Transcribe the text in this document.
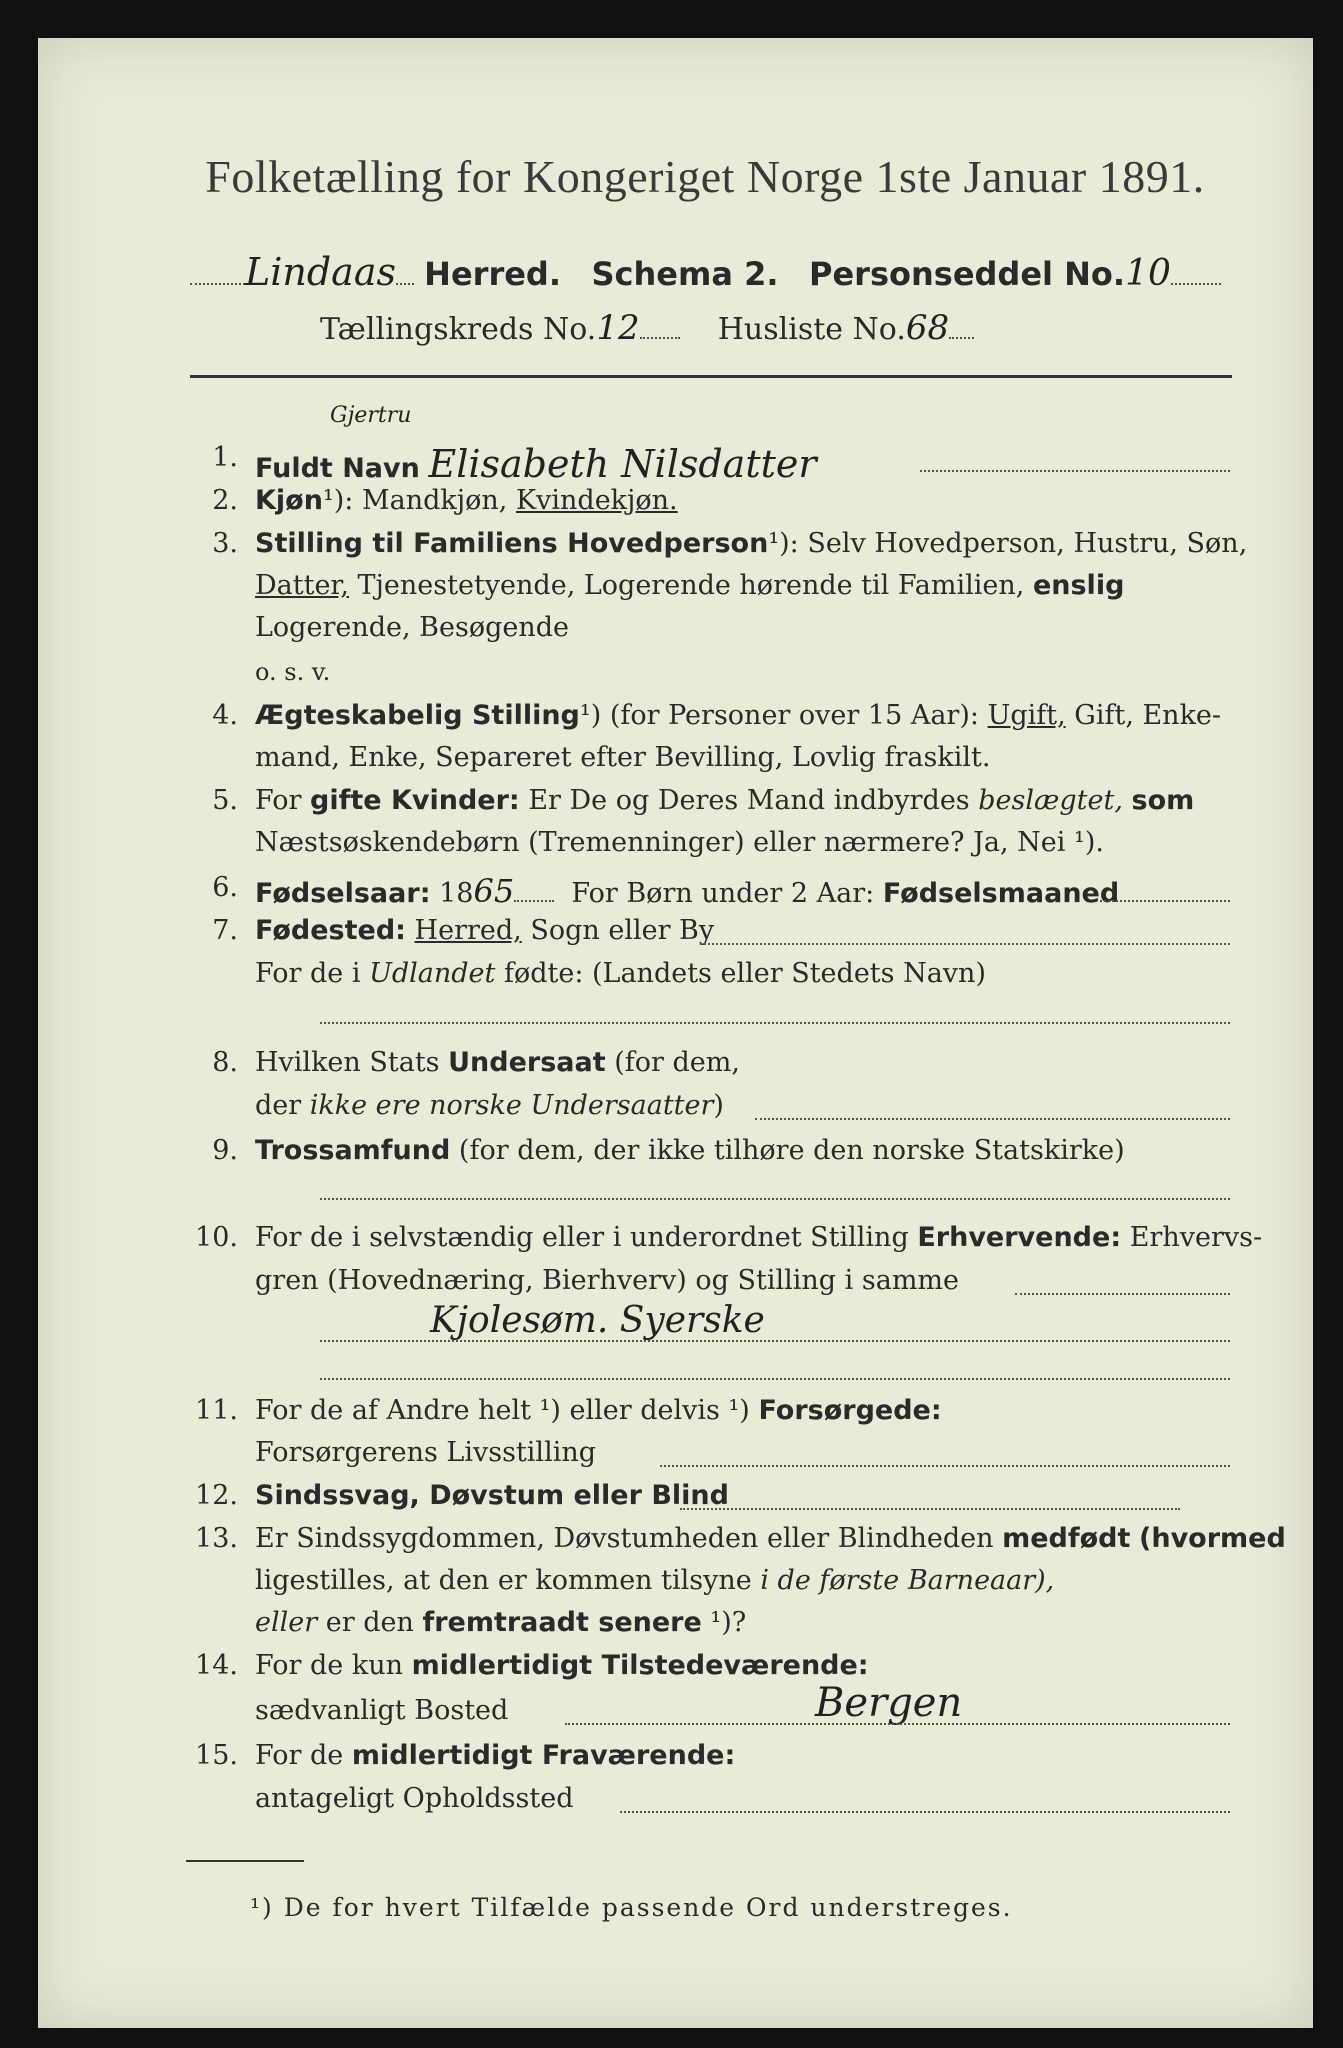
Folketælling for Kongeriget Norge 1ste Januar 1891.
Lindaas Herred. Schema 2. Personseddel No.10
Tællingskreds No.12	Husliste No.68
1.
Gjertru
Fuldt Navn Elisabeth Nilsdatter
2. Kjøn¹): Mandkjøn, Kvindekjøn.
3. Stilling til Familiens Hovedperson¹): Selv Hovedperson, Hustru, Søn,
Datter, Tjenestetyende, Logerende hørende til Familien, enslig
Logerende, Besøgende
o. s. v.
4. Ægteskabelig Stilling¹) (for Personer over 15 Aar): Ugift, Gift, Enke-
mand, Enke, Separeret efter Bevilling, Lovlig fraskilt.
5. For gifte Kvinder: Er De og Deres Mand indbyrdes beslægtet, som
Næstsøskendebørn (Tremenninger) eller nærmere? Ja, Nei ¹).
6. Fødselsaar: 1865 For Børn under 2 Aar: Fødselsmaaned
7. Fødested: Herred, Sogn eller By
For de i Udlandet fødte: (Landets eller Stedets Navn)
8. Hvilken Stats Undersaat (for dem,
der ikke ere norske Undersaatter)
9. Trossamfund (for dem, der ikke tilhøre den norske Statskirke)
10. For de i selvstændig eller i underordnet Stilling Erhvervende: Erhvervs-
gren (Hovednæring, Bierhverv) og Stilling i samme
Kjolesøm. Syerske
11. For de af Andre helt ¹) eller delvis ¹) Forsørgede:
Forsørgerens Livsstilling
12. Sindssvag, Døvstum eller Blind
13. Er Sindssygdommen, Døvstumheden eller Blindheden medfødt (hvormed
ligestilles, at den er kommen tilsyne i de første Barneaar),
eller er den fremtraadt senere ¹)?
14. For de kun midlertidigt Tilstedeværende:
sædvanligt Bosted	Bergen
15. For de midlertidigt Fraværende:
antageligt Opholdssted
¹) De for hvert Tilfælde passende Ord understreges.
